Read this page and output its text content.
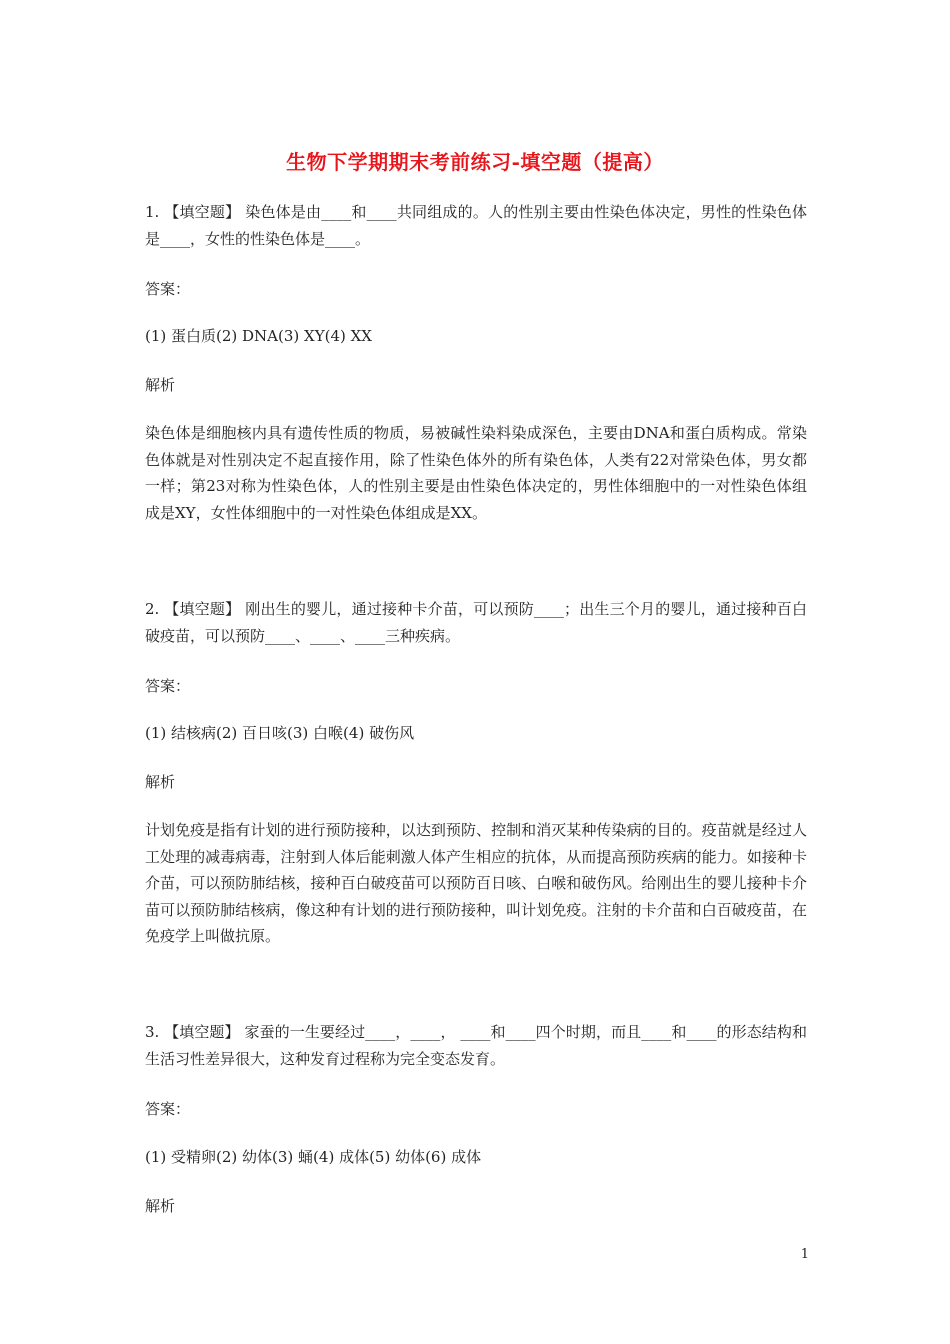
生物下学期期末考前练习-填空题（提高）
1. 【填空题】 染色体是由____和____共同组成的。人的性别主要由性染色体决定，男性的性染色体是____，女性的性染色体是____。
答案：
(1) 蛋白质(2) DNA(3) XY(4) XX
解析
染色体是细胞核内具有遗传性质的物质，易被碱性染料染成深色，主要由DNA和蛋白质构成。常染色体就是对性别决定不起直接作用，除了性染色体外的所有染色体，人类有22对常染色体，男女都一样；第23对称为性染色体，人的性别主要是由性染色体决定的，男性体细胞中的一对性染色体组成是XY，女性体细胞中的一对性染色体组成是XX。
2. 【填空题】 刚出生的婴儿，通过接种卡介苗，可以预防____；出生三个月的婴儿，通过接种百白破疫苗，可以预防____、____、____三种疾病。
答案：
(1) 结核病(2) 百日咳(3) 白喉(4) 破伤风
解析
计划免疫是指有计划的进行预防接种，以达到预防、控制和消灭某种传染病的目的。疫苗就是经过人工处理的减毒病毒，注射到人体后能刺激人体产生相应的抗体，从而提高预防疾病的能力。如接种卡介苗，可以预防肺结核，接种百白破疫苗可以预防百日咳、白喉和破伤风。给刚出生的婴儿接种卡介苗可以预防肺结核病，像这种有计划的进行预防接种，叫计划免疫。注射的卡介苗和白百破疫苗，在免疫学上叫做抗原。
3. 【填空题】 家蚕的一生要经过____，____， ____和____四个时期，而且____和____的形态结构和生活习性差异很大，这种发育过程称为完全变态发育。
答案：
(1) 受精卵(2) 幼体(3) 蛹(4) 成体(5) 幼体(6) 成体
解析
1
